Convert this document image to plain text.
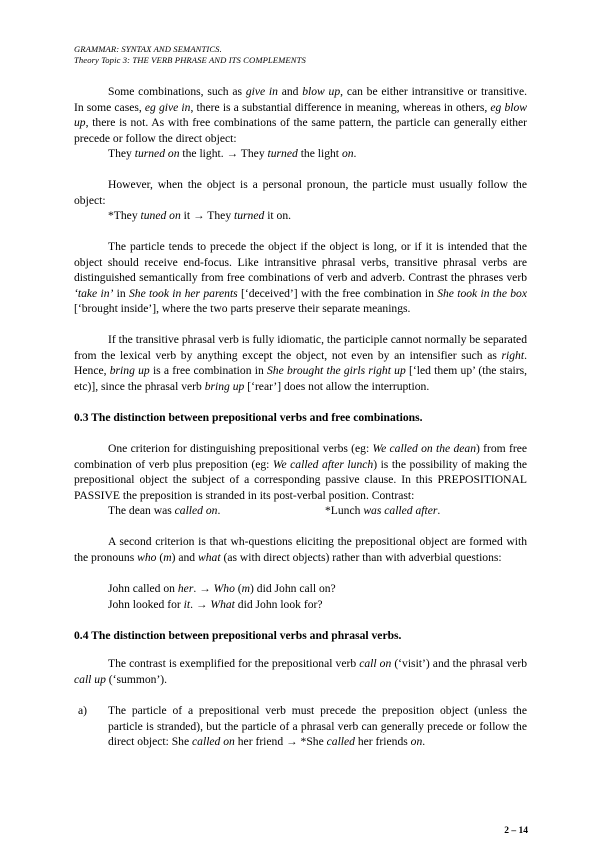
GRAMMAR: SYNTAX AND SEMANTICS.
Theory Topic 3: THE VERB PHRASE AND ITS COMPLEMENTS
Some combinations, such as give in and blow up, can be either intransitive or transitive. In some cases, eg give in, there is a substantial difference in meaning, whereas in others, eg blow up, there is not. As with free combinations of the same pattern, the particle can generally either precede or follow the direct object:
They turned on the light. → They turned the light on.
However, when the object is a personal pronoun, the particle must usually follow the object:
*They tuned on it → They turned it on.
The particle tends to precede the object if the object is long, or if it is intended that the object should receive end-focus. Like intransitive phrasal verbs, transitive phrasal verbs are distinguished semantically from free combinations of verb and adverb. Contrast the phrases verb ‘take in’ in She took in her parents [‘deceived’] with the free combination in She took in the box [‘brought inside’], where the two parts preserve their separate meanings.
If the transitive phrasal verb is fully idiomatic, the participle cannot normally be separated from the lexical verb by anything except the object, not even by an intensifier such as right. Hence, bring up is a free combination in She brought the girls right up [‘led them up’ (the stairs, etc)], since the phrasal verb bring up [‘rear’] does not allow the interruption.
0.3 The distinction between prepositional verbs and free combinations.
One criterion for distinguishing prepositional verbs (eg: We called on the dean) from free combination of verb plus preposition (eg: We called after lunch) is the possibility of making the prepositional object the subject of a corresponding passive clause. In this PREPOSITIONAL PASSIVE the preposition is stranded in its post-verbal position. Contrast:
The dean was called on.	*Lunch was called after.
A second criterion is that wh-questions eliciting the prepositional object are formed with the pronouns who (m) and what (as with direct objects) rather than with adverbial questions:
John called on her. → Who (m) did John call on?
John looked for it. → What did John look for?
0.4 The distinction between prepositional verbs and phrasal verbs.
The contrast is exemplified for the prepositional verb call on (‘visit’) and the phrasal verb call up (‘summon’).
a) The particle of a prepositional verb must precede the preposition object (unless the particle is stranded), but the particle of a phrasal verb can generally precede or follow the direct object: She called on her friend → *She called her friends on.
2 – 14
